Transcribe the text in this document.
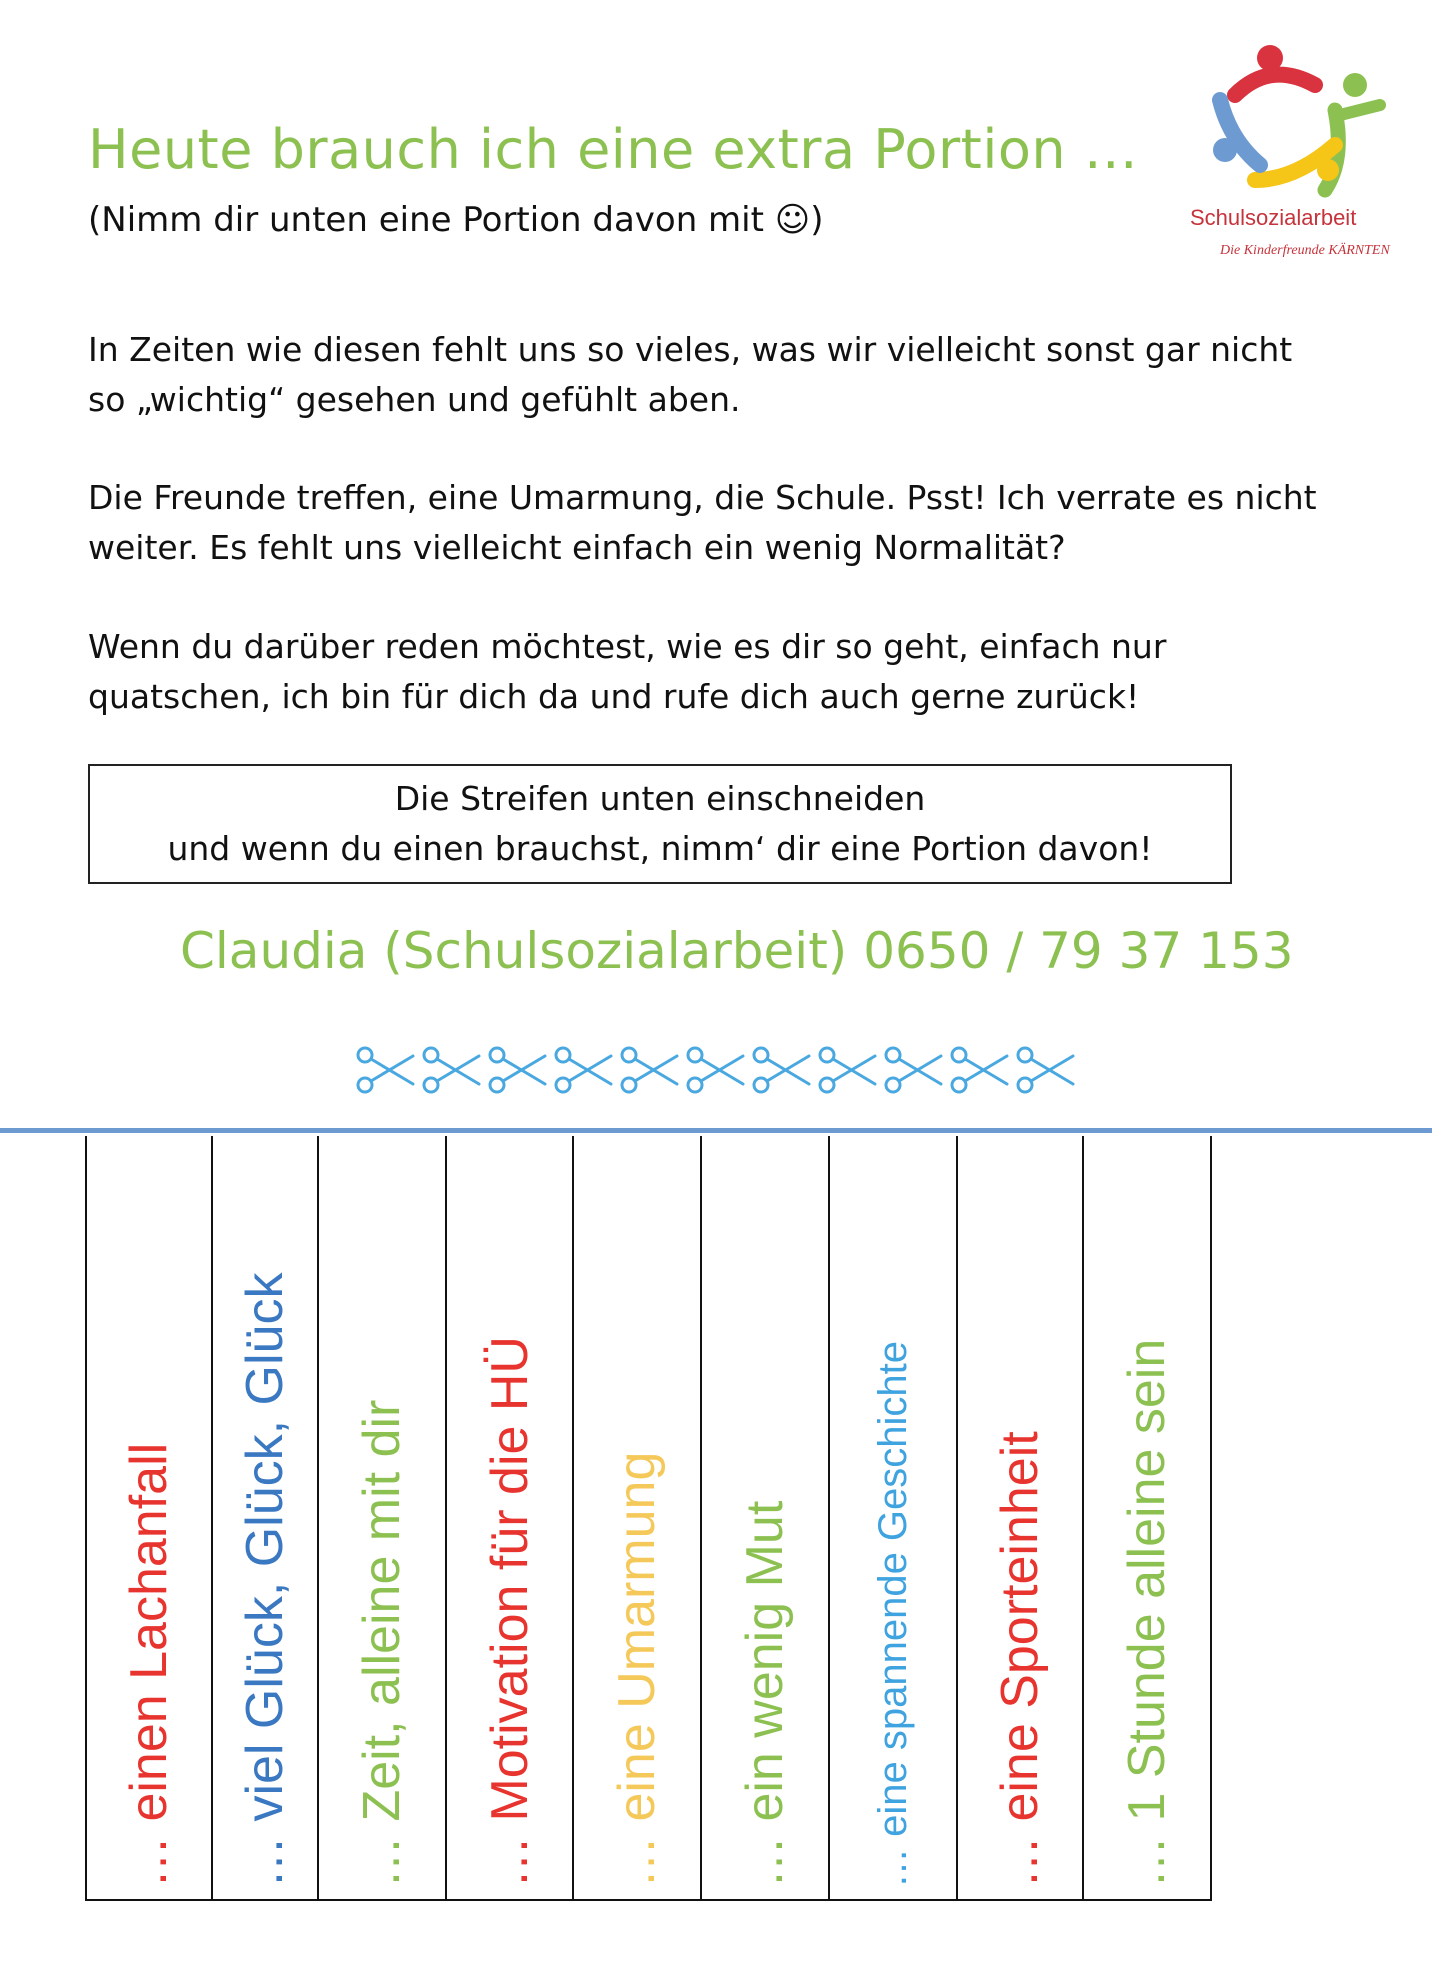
Heute brauch ich eine extra Portion …

(Nimm dir unten eine Portion davon mit ☺)	Schulsozialarbeit

Die Kinderfreunde KÄRNTEN

In Zeiten wie diesen fehlt uns so vieles, was wir vielleicht sonst gar nicht so „wichtig“ gesehen und gefühlt aben.

Die Freunde treffen, eine Umarmung, die Schule. Psst! Ich verrate es nicht weiter. Es fehlt uns vielleicht einfach ein wenig Normalität?

Wenn du darüber reden möchtest, wie es dir so geht, einfach nur quatschen, ich bin für dich da und rufe dich auch gerne zurück!

Die Streifen unten einschneiden
und wenn du einen brauchst, nimm‘ dir eine Portion davon!

Claudia (Schulsozialarbeit) 0650 / 79 37 153

… einen Lachanfall	… viel Glück, Glück, Glück	… Zeit, alleine mit dir	… Motivation für die HÜ	… eine Umarmung	… ein wenig Mut	… eine spannende Geschichte	… eine Sporteinheit	… 1 Stunde alleine sein
